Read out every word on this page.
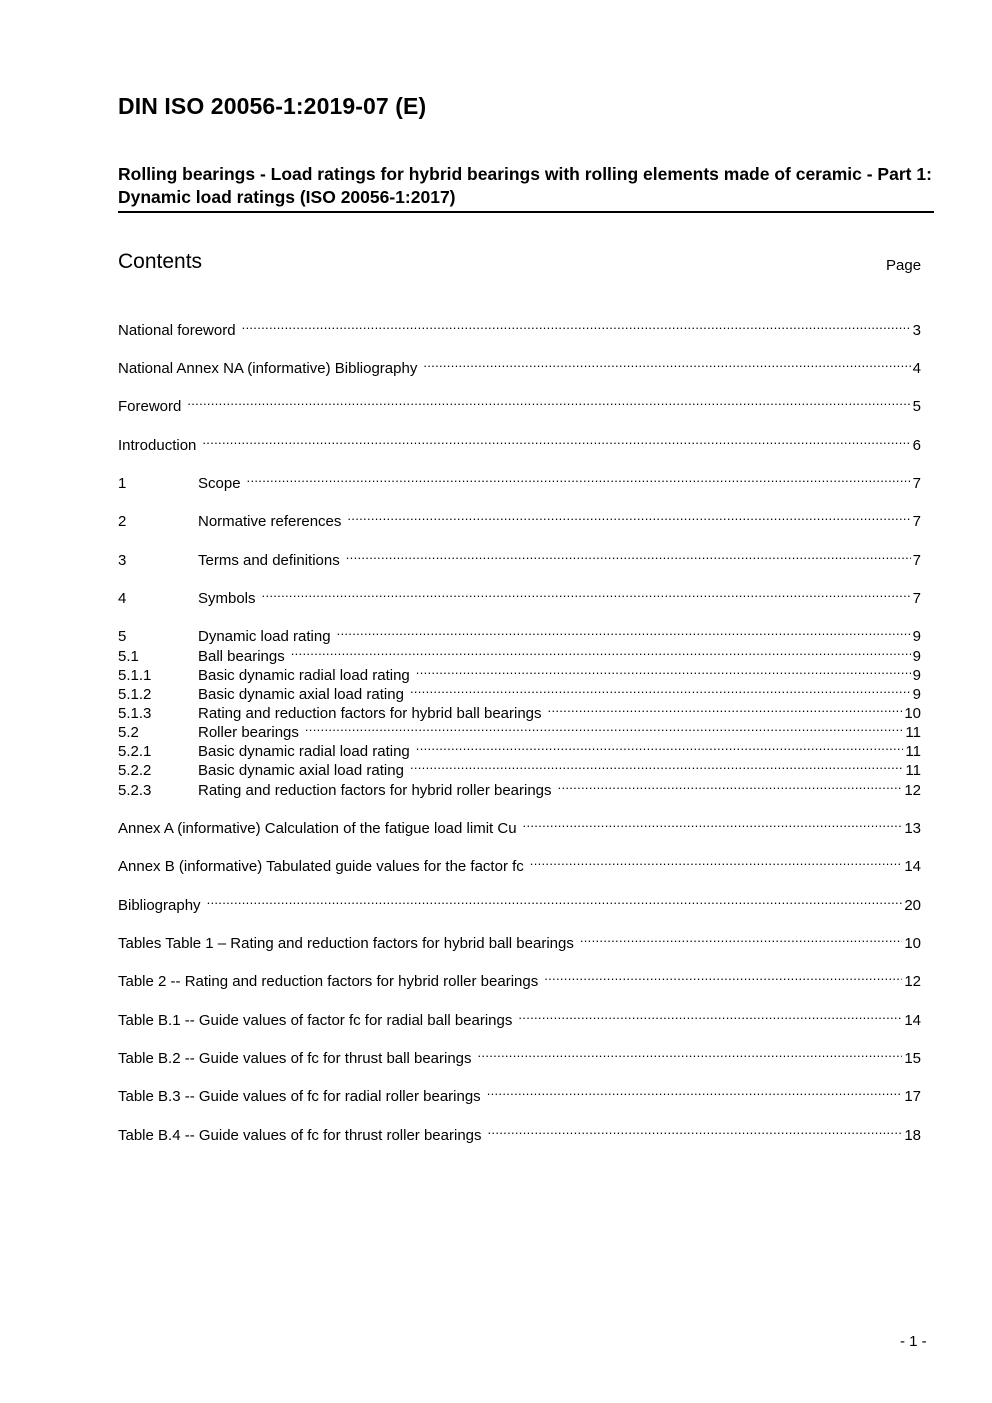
DIN ISO 20056-1:2019-07 (E)
Rolling bearings - Load ratings for hybrid bearings with rolling elements made of ceramic - Part 1: Dynamic load ratings (ISO 20056-1:2017)
Contents	Page
National foreword .....	3
National Annex NA (informative) Bibliography .....	4
Foreword .....	5
Introduction .....	6
1	Scope .....	7
2	Normative references .....	7
3	Terms and definitions .....	7
4	Symbols .....	7
5	Dynamic load rating .....	9
5.1	Ball bearings .....	9
5.1.1	Basic dynamic radial load rating .....	9
5.1.2	Basic dynamic axial load rating .....	9
5.1.3	Rating and reduction factors for hybrid ball bearings .....	10
5.2	Roller bearings .....	11
5.2.1	Basic dynamic radial load rating .....	11
5.2.2	Basic dynamic axial load rating .....	11
5.2.3	Rating and reduction factors for hybrid roller bearings .....	12
Annex A (informative) Calculation of the fatigue load limit Cu .....	13
Annex B (informative) Tabulated guide values for the factor fc .....	14
Bibliography .....	20
Tables Table 1 – Rating and reduction factors for hybrid ball bearings .....	10
Table 2 -- Rating and reduction factors for hybrid roller bearings .....	12
Table B.1 -- Guide values of factor fc for radial ball bearings .....	14
Table B.2 -- Guide values of fc for thrust ball bearings .....	15
Table B.3 -- Guide values of fc for radial roller bearings .....	17
Table B.4 -- Guide values of fc for thrust roller bearings .....	18
- 1 -
